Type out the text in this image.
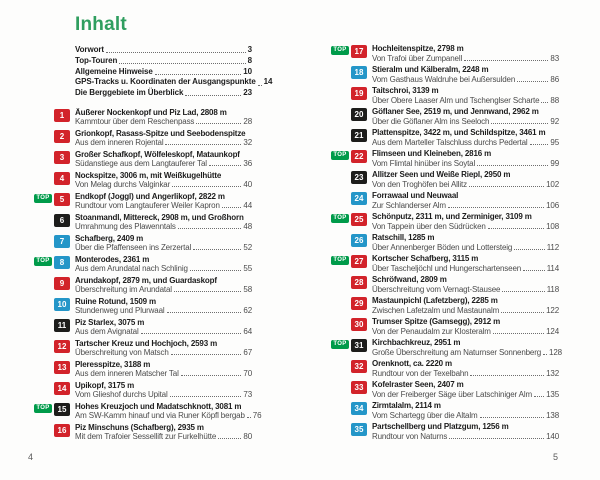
Inhalt
Vorwort	3
Top-Touren	8
Allgemeine Hinweise	10
GPS-Tracks u. Koordinaten der Ausgangspunkte 14
Die Berggebiete im Überblick	23
1	Äußerer Nockenkopf und Piz Lad, 2808 m
Kammtour über dem Reschenpass	28
2	Grionkopf, Rasass-Spitze und Seebodenspitze
Aus dem inneren Rojental	32
3	Großer Schafkopf, Wölfeleskopf, Mataunkopf
Südanstiege aus dem Langtauferer Tal	36
4	Nockspitze, 3006 m, mit Weißkugelhütte
Von Melag durchs Valginkar	40
TOP	5	Endkopf (Joggl) und Angerlikopf, 2822 m
Rundtour vom Langtauferer Weiler Kapron	44
6	Stoanmandl, Mittereck, 2908 m, und Großhorn
Umrahmung des Plawenntals	48
7	Schafberg, 2409 m
Über die Pfaffenseen ins Zerzertal	52
TOP	8	Monterodes, 2361 m
Aus dem Arundatal nach Schlinig	55
9	Arundakopf, 2879 m, und Guardaskopf
Überschreitung im Arundatal	58
10	Ruine Rotund, 1509 m
Stundenweg und Plurwaal	62
11	Piz Starlex, 3075 m
Aus dem Avignatal	64
12	Tartscher Kreuz und Hochjoch, 2593 m
Überschreitung von Matsch	67
13	Pleresspitze, 3188 m
Aus dem inneren Matscher Tal	70
14	Upikopf, 3175 m
Vom Glieshof durchs Upital	73
TOP 15	Hohes Kreuzjoch und Madatschknott, 3081 m
Am SW-Kamm hinauf und via Runer Köpfl bergab 76
16	Piz Minschuns (Schafberg), 2935 m
Mit dem Trafoier Sessellift zur Furkelhütte	80
TOP 17	Hochleitenspitze, 2798 m
Von Trafoi über Zumpanell	83
18	Stieralm und Kälberalm, 2248 m
Vom Gasthaus Waldruhe bei Außersulden	86
19	Taitschroi, 3139 m
Über Obere Laaser Alm und Tschenglser Scharte 88
20	Göflaner See, 2519 m, und Jennwand, 2962 m
Über die Göflaner Alm ins Seeloch	92
21	Plattenspitze, 3422 m, und Schildspitze, 3461 m
Aus dem Marteller Talschluss durchs Pedertal	95
TOP 22	Flimseen und Kleineben, 2816 m
Vom Flimtal hinüber ins Soytal	99
23	Allitzer Seen und Weiße Riepl, 2950 m
Von den Troghöfen bei Allitz	102
24	Forrawaal und Neuwaal
Zur Schlanderser Alm	106
TOP 25	Schönputz, 2311 m, und Zerminiger, 3109 m
Von Tappein über den Südrücken	108
26	Ratschill, 1285 m
Über Annenberger Böden und Lottersteig	112
TOP 27	Kortscher Schafberg, 3115 m
Über Tascheljöchl und Hungerschartenseen	114
28	Schröfwand, 2809 m
Überschreitung vom Vernagt-Stausee	118
29	Mastaunpichl (Lafetzberg), 2285 m
Zwischen Lafetzalm und Mastaunalm	122
30	Trumser Spitze (Gamsegg), 2912 m
Von der Penaudalm zur Klosteralm	124
TOP 31	Kirchbachkreuz, 2951 m
Große Überschreitung am Naturnser Sonnenberg 128
32	Orenknott, ca. 2220 m
Rundtour von der Texelbahn	132
33	Kofelraster Seen, 2407 m
Von der Freiberger Säge über Latschiniger Alm 135
34	Zirmtalalm, 2114 m
Vom Schartegg über die Altalm	138
35	Partschellberg und Platzgum, 1256 m
Rundtour von Naturns	140
4	5
